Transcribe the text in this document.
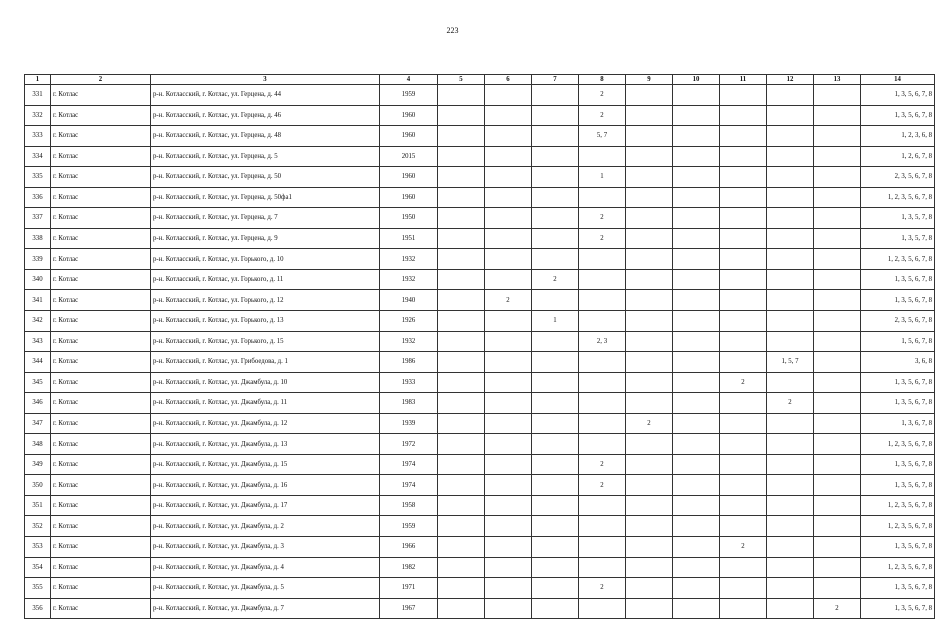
223
1	2	3	4	5	6	7	8	9	10	11	12	13	14
331	г. Котлас	р-н. Котласский, г. Котлас, ул. Герцена, д. 44	1959				2						1, 3, 5, 6, 7, 8
332	г. Котлас	р-н. Котласский, г. Котлас, ул. Герцена, д. 46	1960				2						1, 3, 5, 6, 7, 8
333	г. Котлас	р-н. Котласский, г. Котлас, ул. Герцена, д. 48	1960				5, 7						1, 2, 3, 6, 8
334	г. Котлас	р-н. Котласский, г. Котлас, ул. Герцена, д. 5	2015										1, 2, 6, 7, 8
335	г. Котлас	р-н. Котласский, г. Котлас, ул. Герцена, д. 50	1960				1						2, 3, 5, 6, 7, 8
336	г. Котлас	р-н. Котласский, г. Котлас, ул. Герцена, д. 50фа1	1960										1, 2, 3, 5, 6, 7, 8
337	г. Котлас	р-н. Котласский, г. Котлас, ул. Герцена, д. 7	1950				2						1, 3, 5, 7, 8
338	г. Котлас	р-н. Котласский, г. Котлас, ул. Герцена, д. 9	1951				2						1, 3, 5, 7, 8
339	г. Котлас	р-н. Котласский, г. Котлас, ул. Горького, д. 10	1932										1, 2, 3, 5, 6, 7, 8
340	г. Котлас	р-н. Котласский, г. Котлас, ул. Горького, д. 11	1932			2							1, 3, 5, 6, 7, 8
341	г. Котлас	р-н. Котласский, г. Котлас, ул. Горького, д. 12	1940		2								1, 3, 5, 6, 7, 8
342	г. Котлас	р-н. Котласский, г. Котлас, ул. Горького, д. 13	1926			1							2, 3, 5, 6, 7, 8
343	г. Котлас	р-н. Котласский, г. Котлас, ул. Горького, д. 15	1932				2, 3						1, 5, 6, 7, 8
344	г. Котлас	р-н. Котласский, г. Котлас, ул. Грибоедова, д. 1	1986								1, 5, 7		3, 6, 8
345	г. Котлас	р-н. Котласский, г. Котлас, ул. Джамбула, д. 10	1933							2			1, 3, 5, 6, 7, 8
346	г. Котлас	р-н. Котласский, г. Котлас, ул. Джамбула, д. 11	1983								2		1, 3, 5, 6, 7, 8
347	г. Котлас	р-н. Котласский, г. Котлас, ул. Джамбула, д. 12	1939					2					1, 3, 6, 7, 8
348	г. Котлас	р-н. Котласский, г. Котлас, ул. Джамбула, д. 13	1972										1, 2, 3, 5, 6, 7, 8
349	г. Котлас	р-н. Котласский, г. Котлас, ул. Джамбула, д. 15	1974				2						1, 3, 5, 6, 7, 8
350	г. Котлас	р-н. Котласский, г. Котлас, ул. Джамбула, д. 16	1974				2						1, 3, 5, 6, 7, 8
351	г. Котлас	р-н. Котласский, г. Котлас, ул. Джамбула, д. 17	1958										1, 2, 3, 5, 6, 7, 8
352	г. Котлас	р-н. Котласский, г. Котлас, ул. Джамбула, д. 2	1959										1, 2, 3, 5, 6, 7, 8
353	г. Котлас	р-н. Котласский, г. Котлас, ул. Джамбула, д. 3	1966							2			1, 3, 5, 6, 7, 8
354	г. Котлас	р-н. Котласский, г. Котлас, ул. Джамбула, д. 4	1982										1, 2, 3, 5, 6, 7, 8
355	г. Котлас	р-н. Котласский, г. Котлас, ул. Джамбула, д. 5	1971				2						1, 3, 5, 6, 7, 8
356	г. Котлас	р-н. Котласский, г. Котлас, ул. Джамбула, д. 7	1967									2	1, 3, 5, 6, 7, 8
